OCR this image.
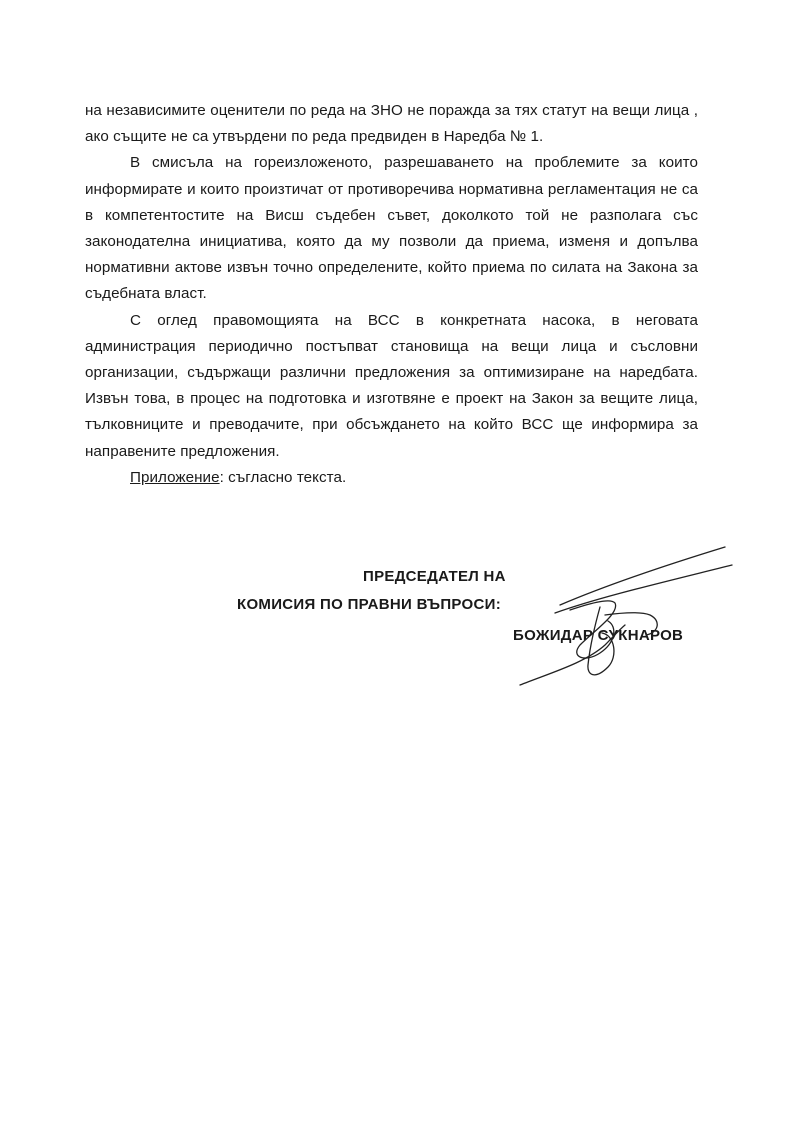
на независимите оценители по реда на ЗНО не поражда за тях статут на вещи лица , ако същите не са утвърдени по реда предвиден в Наредба № 1.

В смисъла на гореизложеното, разрешаването на проблемите за които информирате и които произтичат от противоречива нормативна регламентация не са в компетентостите на Висш съдебен съвет, доколкото той не разполага със законодателна инициатива, която да му позволи да приема, изменя и допълва нормативни актове извън точно определените, който приема по силата на Закона за съдебната власт.

С оглед правомощията на ВСС в конкретната насока, в неговата администрация периодично постъпват становища на вещи лица и съсловни организации, съдържащи различни предложения за оптимизиране на наредбата. Извън това, в процес на подготовка и изготвяне е проект на Закон за вещите лица, тълковниците и преводачите, при обсъждането на който ВСС ще информира за направените предложения.

Приложение: съгласно текста.

ПРЕДСЕДАТЕЛ НА
КОМИСИЯ ПО ПРАВНИ ВЪПРОСИ:
БОЖИДАР СУКНАРОВ
